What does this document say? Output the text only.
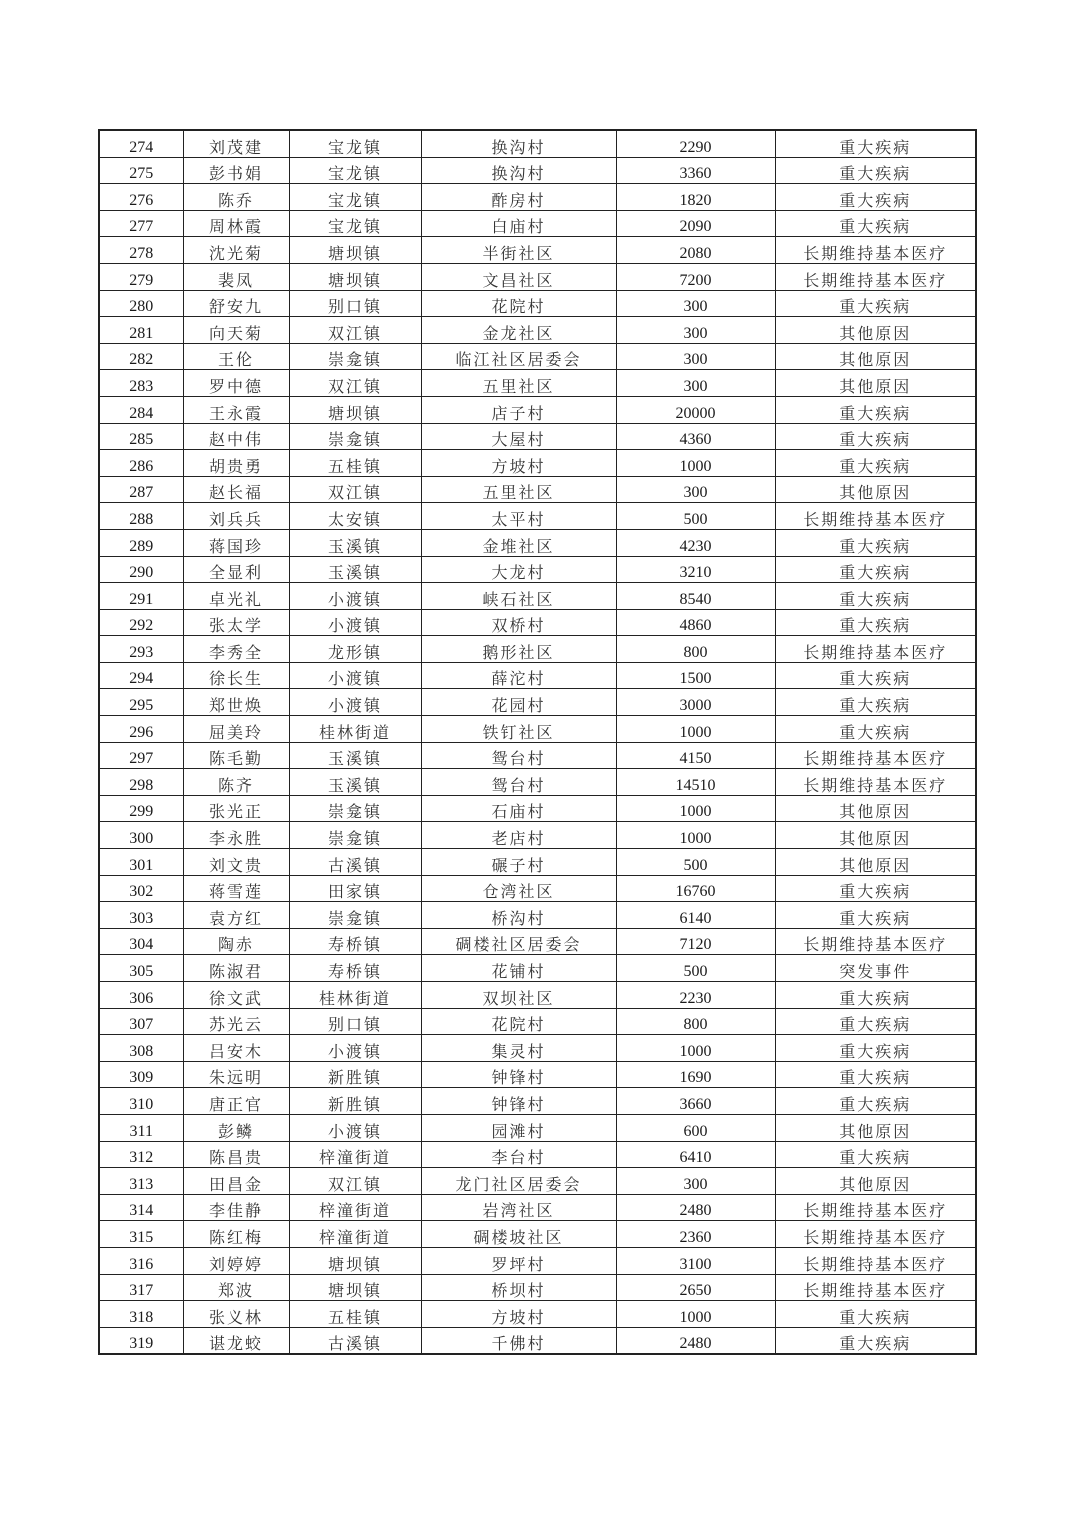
274	刘茂建	宝龙镇	换沟村	2290	重大疾病
275	彭书娟	宝龙镇	换沟村	3360	重大疾病
276	陈乔	宝龙镇	酢房村	1820	重大疾病
277	周林霞	宝龙镇	白庙村	2090	重大疾病
278	沈光菊	塘坝镇	半街社区	2080	长期维持基本医疗
279	裴凤	塘坝镇	文昌社区	7200	长期维持基本医疗
280	舒安九	别口镇	花院村	300	重大疾病
281	向天菊	双江镇	金龙社区	300	其他原因
282	王伦	崇龛镇	临江社区居委会	300	其他原因
283	罗中德	双江镇	五里社区	300	其他原因
284	王永霞	塘坝镇	店子村	20000	重大疾病
285	赵中伟	崇龛镇	大屋村	4360	重大疾病
286	胡贵勇	五桂镇	方坡村	1000	重大疾病
287	赵长福	双江镇	五里社区	300	其他原因
288	刘兵兵	太安镇	太平村	500	长期维持基本医疗
289	蒋国珍	玉溪镇	金堆社区	4230	重大疾病
290	全显利	玉溪镇	大龙村	3210	重大疾病
291	卓光礼	小渡镇	峡石社区	8540	重大疾病
292	张太学	小渡镇	双桥村	4860	重大疾病
293	李秀全	龙形镇	鹅形社区	800	长期维持基本医疗
294	徐长生	小渡镇	薛沱村	1500	重大疾病
295	郑世焕	小渡镇	花园村	3000	重大疾病
296	屈美玲	桂林街道	铁钉社区	1000	重大疾病
297	陈毛勤	玉溪镇	鸳台村	4150	长期维持基本医疗
298	陈齐	玉溪镇	鸳台村	14510	长期维持基本医疗
299	张光正	崇龛镇	石庙村	1000	其他原因
300	李永胜	崇龛镇	老店村	1000	其他原因
301	刘文贵	古溪镇	碾子村	500	其他原因
302	蒋雪莲	田家镇	仓湾社区	16760	重大疾病
303	袁方红	崇龛镇	桥沟村	6140	重大疾病
304	陶赤	寿桥镇	碉楼社区居委会	7120	长期维持基本医疗
305	陈淑君	寿桥镇	花铺村	500	突发事件
306	徐文武	桂林街道	双坝社区	2230	重大疾病
307	苏光云	别口镇	花院村	800	重大疾病
308	吕安木	小渡镇	集灵村	1000	重大疾病
309	朱远明	新胜镇	钟锋村	1690	重大疾病
310	唐正官	新胜镇	钟锋村	3660	重大疾病
311	彭鳞	小渡镇	园滩村	600	其他原因
312	陈昌贵	梓潼街道	李台村	6410	重大疾病
313	田昌金	双江镇	龙门社区居委会	300	其他原因
314	李佳静	梓潼街道	岩湾社区	2480	长期维持基本医疗
315	陈红梅	梓潼街道	碉楼坡社区	2360	长期维持基本医疗
316	刘婷婷	塘坝镇	罗坪村	3100	长期维持基本医疗
317	郑波	塘坝镇	桥坝村	2650	长期维持基本医疗
318	张义林	五桂镇	方坡村	1000	重大疾病
319	谌龙蛟	古溪镇	千佛村	2480	重大疾病
